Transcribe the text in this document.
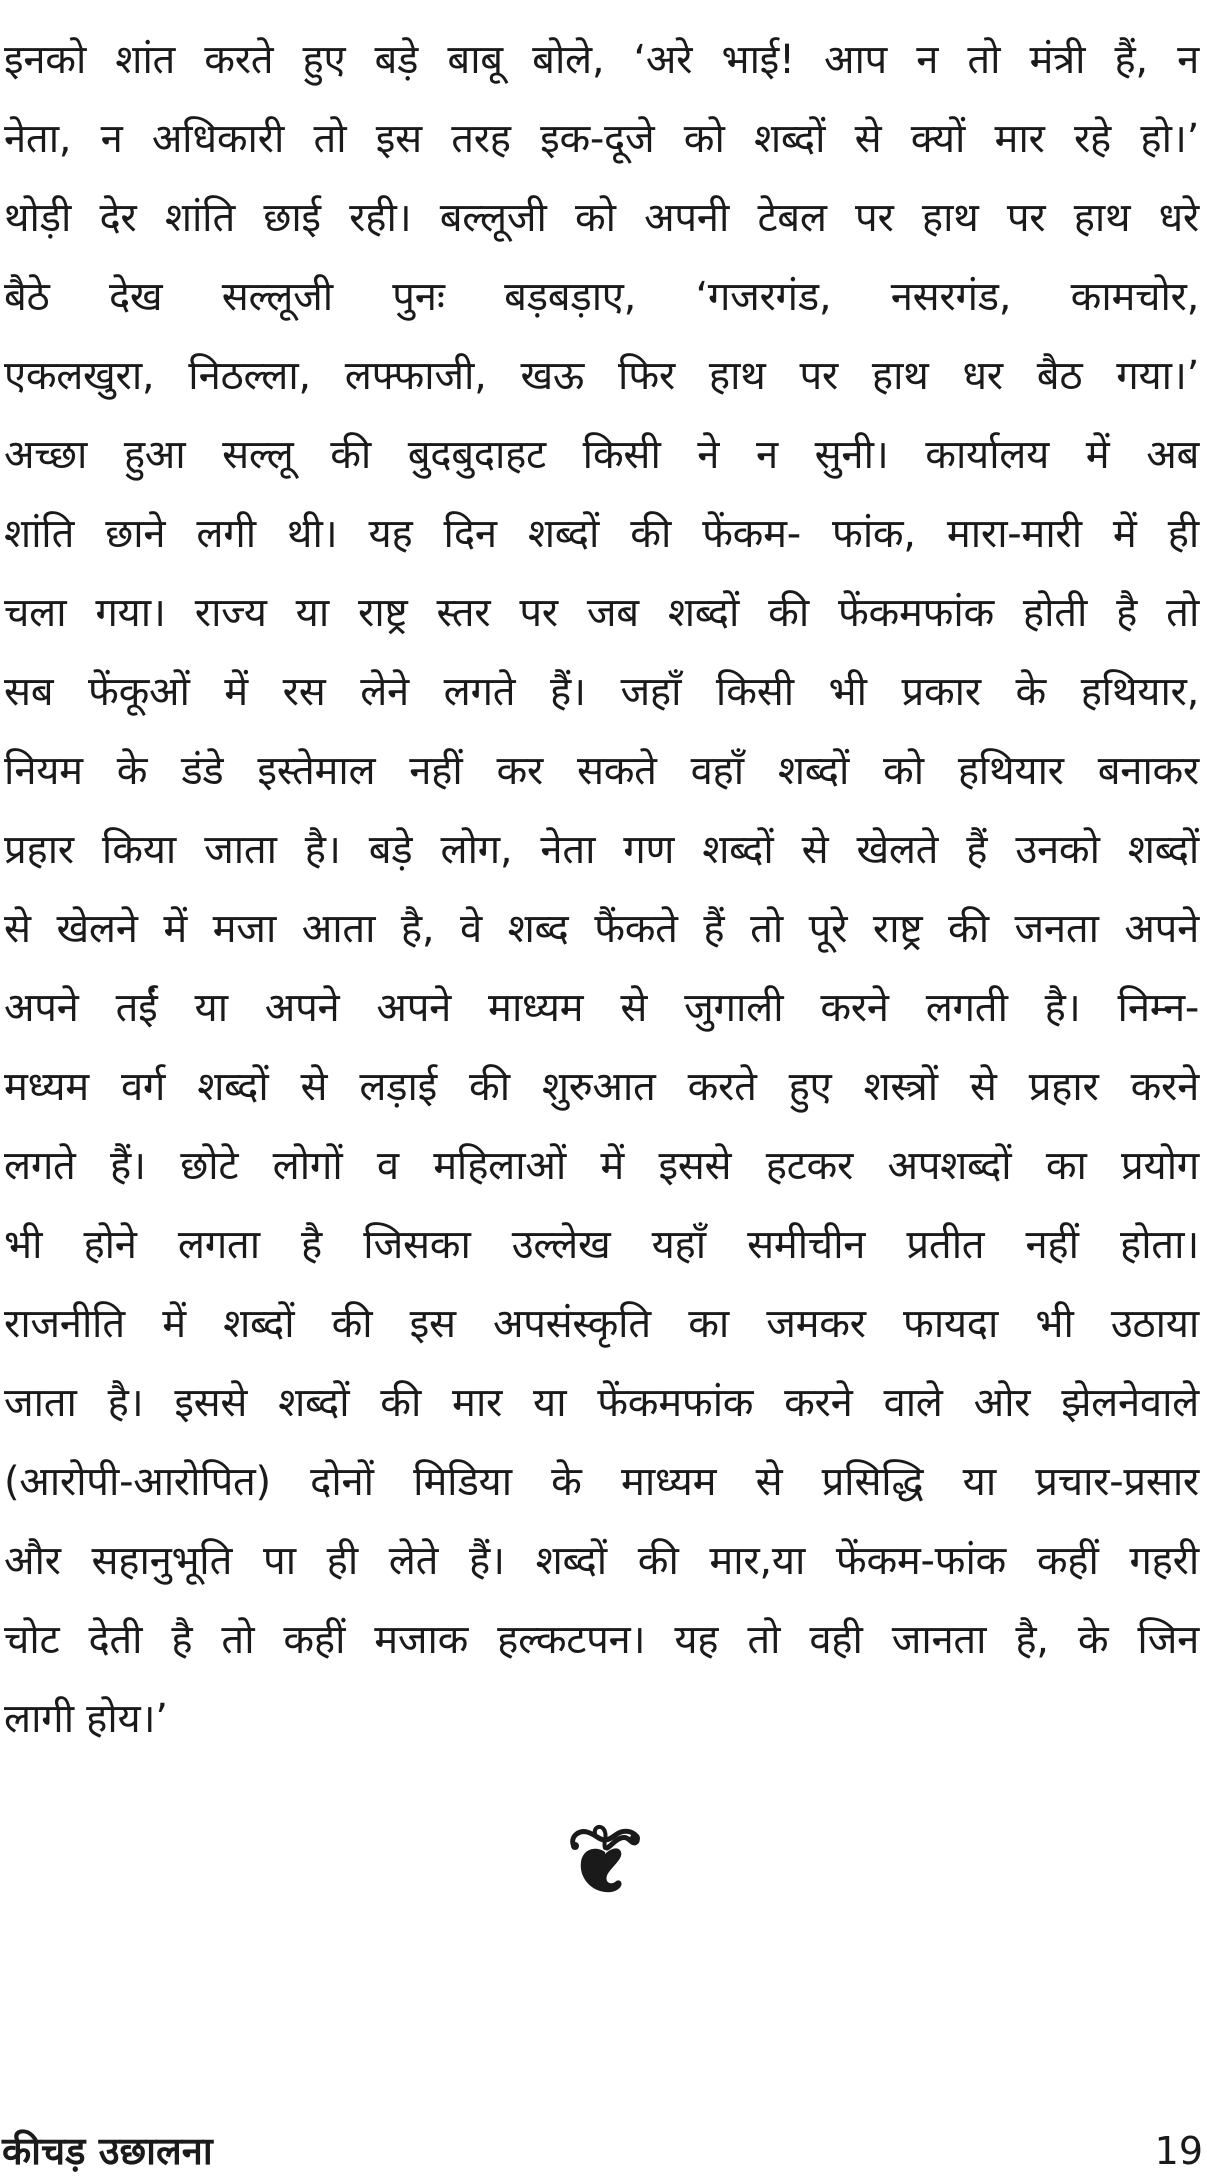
इनको शांत करते हुए बड़े बाबू बोले, ‘अरे भाई! आप न तो मंत्री हैं, न
नेता, न अधिकारी तो इस तरह इक-दूजे को शब्दों से क्यों मार रहे हो।’
थोड़ी देर शांति छाई रही। बल्लूजी को अपनी टेबल पर हाथ पर हाथ धरे
बैठे देख सल्लूजी पुनः बड़बड़ाए, ‘गजरगंड, नसरगंड, कामचोर,
एकलखुरा, निठल्ला, लफ्फाजी, खऊ फिर हाथ पर हाथ धर बैठ गया।’
अच्छा हुआ सल्लू की बुदबुदाहट किसी ने न सुनी। कार्यालय में अब
शांति छाने लगी थी। यह दिन शब्दों की फेंकम- फांक, मारा-मारी में ही
चला गया। राज्य या राष्ट्र स्तर पर जब शब्दों की फेंकमफांक होती है तो
सब फेंकूओं में रस लेने लगते हैं। जहाँ किसी भी प्रकार के हथियार,
नियम के डंडे इस्तेमाल नहीं कर सकते वहाँ शब्दों को हथियार बनाकर
प्रहार किया जाता है। बड़े लोग, नेता गण शब्दों से खेलते हैं उनको शब्दों
से खेलने में मजा आता है, वे शब्द फैंकते हैं तो पूरे राष्ट्र की जनता अपने
अपने तईं या अपने अपने माध्यम से जुगाली करने लगती है। निम्न-
मध्यम वर्ग शब्दों से लड़ाई की शुरुआत करते हुए शस्त्रों से प्रहार करने
लगते हैं। छोटे लोगों व महिलाओं में इससे हटकर अपशब्दों का प्रयोग
भी होने लगता है जिसका उल्लेख यहाँ समीचीन प्रतीत नहीं होता।
राजनीति में शब्दों की इस अपसंस्कृति का जमकर फायदा भी उठाया
जाता है। इससे शब्दों की मार या फेंकमफांक करने वाले ओर झेलनेवाले
(आरोपी-आरोपित) दोनों मिडिया के माध्यम से प्रसिद्धि या प्रचार-प्रसार
और सहानुभूति पा ही लेते हैं। शब्दों की मार,या फेंकम-फांक कहीं गहरी
चोट देती है तो कहीं मजाक हल्कटपन। यह तो वही जानता है, के जिन
लागी होय।’
कीचड़ उछालना	19
